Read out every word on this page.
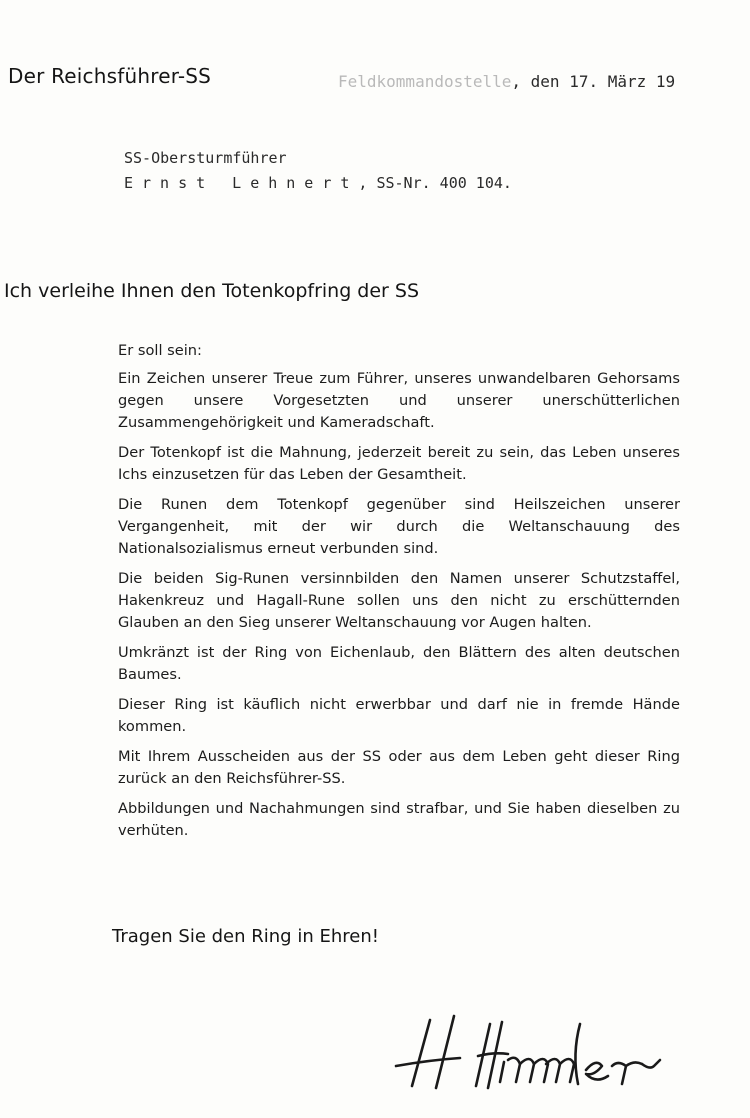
Der Reichsführer-SS	Feldkommandostelle, den 17. März 19
SS-Obersturmführer
Ernst Lehnert, SS-Nr. 400 104.
Ich verleihe Ihnen den Totenkopfring der SS

Er soll sein:

Ein Zeichen unserer Treue zum Führer, unseres unwandelbaren Gehorsams gegen unsere Vorgesetzten und unserer unerschütterlichen Zusammengehörigkeit und Kameradschaft.

Der Totenkopf ist die Mahnung, jederzeit bereit zu sein, das Leben unseres Ichs einzusetzen für das Leben der Gesamtheit.

Die Runen dem Totenkopf gegenüber sind Heilszeichen unserer Vergangenheit, mit der wir durch die Weltanschauung des Nationalsozialismus erneut verbunden sind.

Die beiden Sig-Runen versinnbilden den Namen unserer Schutzstaffel, Hakenkreuz und Hagall-Rune sollen uns den nicht zu erschütternden Glauben an den Sieg unserer Weltanschauung vor Augen halten.

Umkränzt ist der Ring von Eichenlaub, den Blättern des alten deutschen Baumes.

Dieser Ring ist käuflich nicht erwerbbar und darf nie in fremde Hände kommen.

Mit Ihrem Ausscheiden aus der SS oder aus dem Leben geht dieser Ring zurück an den Reichsführer-SS.

Abbildungen und Nachahmungen sind strafbar, und Sie haben dieselben zu verhüten.

Tragen Sie den Ring in Ehren!
